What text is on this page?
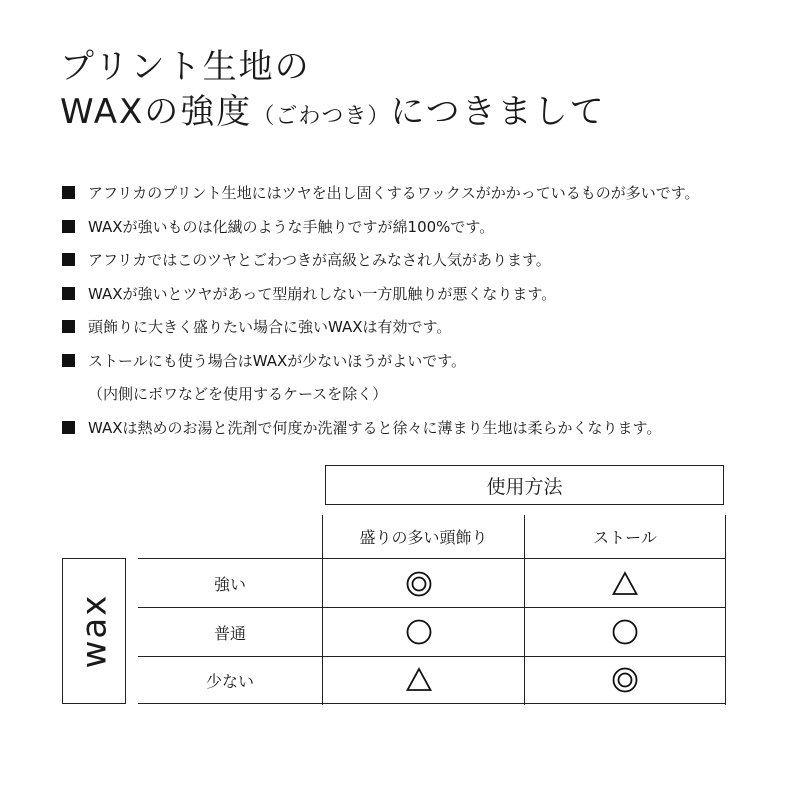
プリント生地の
WAXの強度（ごわつき）につきまして
アフリカのプリント生地にはツヤを出し固くするワックスがかかっているものが多いです。
WAXが強いものは化繊のような手触りですが綿100%です。
アフリカではこのツヤとごわつきが高級とみなされ人気があります。
WAXが強いとツヤがあって型崩れしない一方肌触りが悪くなります。
頭飾りに大きく盛りたい場合に強いWAXは有効です。
ストールにも使う場合はWAXが少ないほうがよいです。
（内側にボワなどを使用するケースを除く）
WAXは熱めのお湯と洗剤で何度か洗濯すると徐々に薄まり生地は柔らかくなります。
使用方法
盛りの多い頭飾り	ストール
wax
強い
普通
少ない
